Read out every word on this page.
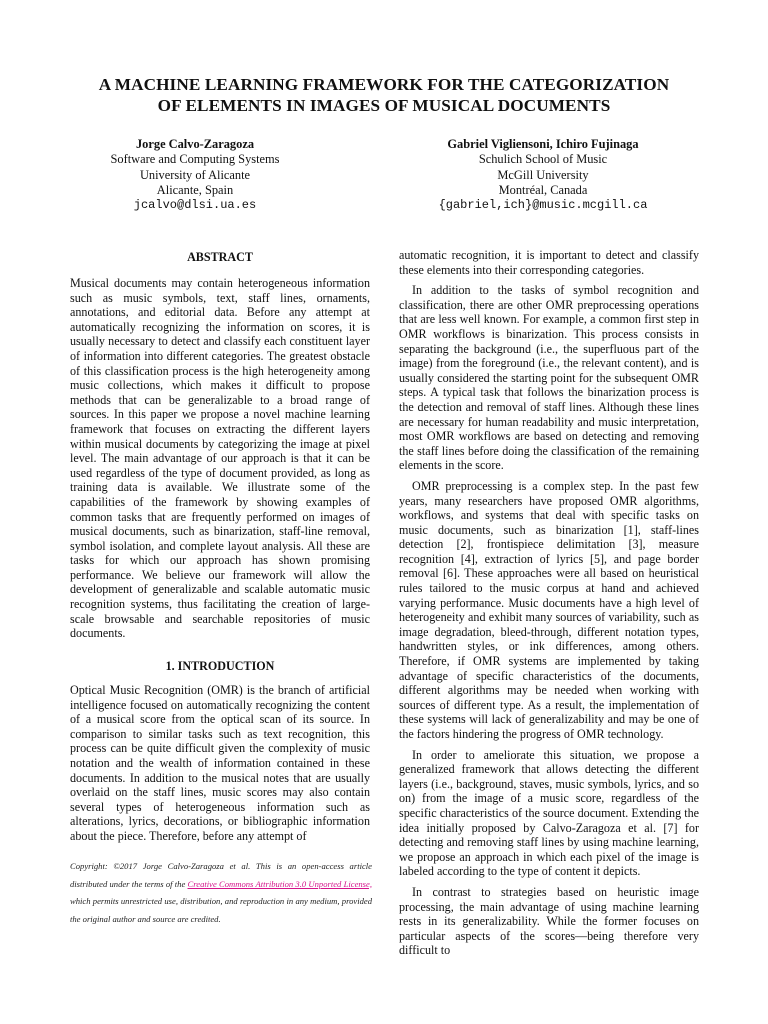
A MACHINE LEARNING FRAMEWORK FOR THE CATEGORIZATION
OF ELEMENTS IN IMAGES OF MUSICAL DOCUMENTS
Jorge Calvo-Zaragoza
Software and Computing Systems
University of Alicante
Alicante, Spain
jcalvo@dlsi.ua.es
Gabriel Vigliensoni, Ichiro Fujinaga
Schulich School of Music
McGill University
Montréal, Canada
{gabriel,ich}@music.mcgill.ca
ABSTRACT

Musical documents may contain heterogeneous information such as music symbols, text, staff lines, ornaments, annotations, and editorial data. Before any attempt at automatically recognizing the information on scores, it is usually necessary to detect and classify each constituent layer of information into different categories. The greatest obstacle of this classification process is the high heterogeneity among music collections, which makes it difficult to propose methods that can be generalizable to a broad range of sources. In this paper we propose a novel machine learning framework that focuses on extracting the different layers within musical documents by categorizing the image at pixel level. The main advantage of our approach is that it can be used regardless of the type of document provided, as long as training data is available. We illustrate some of the capabilities of the framework by showing examples of common tasks that are frequently performed on images of musical documents, such as binarization, staff-line removal, symbol isolation, and complete layout analysis. All these are tasks for which our approach has shown promising performance. We believe our framework will allow the development of generalizable and scalable automatic music recognition systems, thus facilitating the creation of large-scale browsable and searchable repositories of music documents.

1. INTRODUCTION

Optical Music Recognition (OMR) is the branch of artificial intelligence focused on automatically recognizing the content of a musical score from the optical scan of its source. In comparison to similar tasks such as text recognition, this process can be quite difficult given the complexity of music notation and the wealth of information contained in these documents. In addition to the musical notes that are usually overlaid on the staff lines, music scores may also contain several types of heterogeneous information such as alterations, lyrics, decorations, or bibliographic information about the piece. Therefore, before any attempt of

Copyright: ©2017 Jorge Calvo-Zaragoza et al. This is an open-access article distributed under the terms of the Creative Commons Attribution 3.0 Unported License, which permits unrestricted use, distribution, and reproduction in any medium, provided the original author and source are credited.

automatic recognition, it is important to detect and classify these elements into their corresponding categories.

In addition to the tasks of symbol recognition and classification, there are other OMR preprocessing operations that are less well known. For example, a common first step in OMR workflows is binarization. This process consists in separating the background (i.e., the superfluous part of the image) from the foreground (i.e., the relevant content), and is usually considered the starting point for the subsequent OMR steps. A typical task that follows the binarization process is the detection and removal of staff lines. Although these lines are necessary for human readability and music interpretation, most OMR workflows are based on detecting and removing the staff lines before doing the classification of the remaining elements in the score.

OMR preprocessing is a complex step. In the past few years, many researchers have proposed OMR algorithms, workflows, and systems that deal with specific tasks on music documents, such as binarization [1], staff-lines detection [2], frontispiece delimitation [3], measure recognition [4], extraction of lyrics [5], and page border removal [6]. These approaches were all based on heuristical rules tailored to the music corpus at hand and achieved varying performance. Music documents have a high level of heterogeneity and exhibit many sources of variability, such as image degradation, bleed-through, different notation types, handwritten styles, or ink differences, among others. Therefore, if OMR systems are implemented by taking advantage of specific characteristics of the documents, different algorithms may be needed when working with sources of different type. As a result, the implementation of these systems will lack of generalizability and may be one of the factors hindering the progress of OMR technology.

In order to ameliorate this situation, we propose a generalized framework that allows detecting the different layers (i.e., background, staves, music symbols, lyrics, and so on) from the image of a music score, regardless of the specific characteristics of the source document. Extending the idea initially proposed by Calvo-Zaragoza et al. [7] for detecting and removing staff lines by using machine learning, we propose an approach in which each pixel of the image is labeled according to the type of content it depicts.

In contrast to strategies based on heuristic image processing, the main advantage of using machine learning rests in its generalizability. While the former focuses on particular aspects of the scores—being therefore very difficult to
